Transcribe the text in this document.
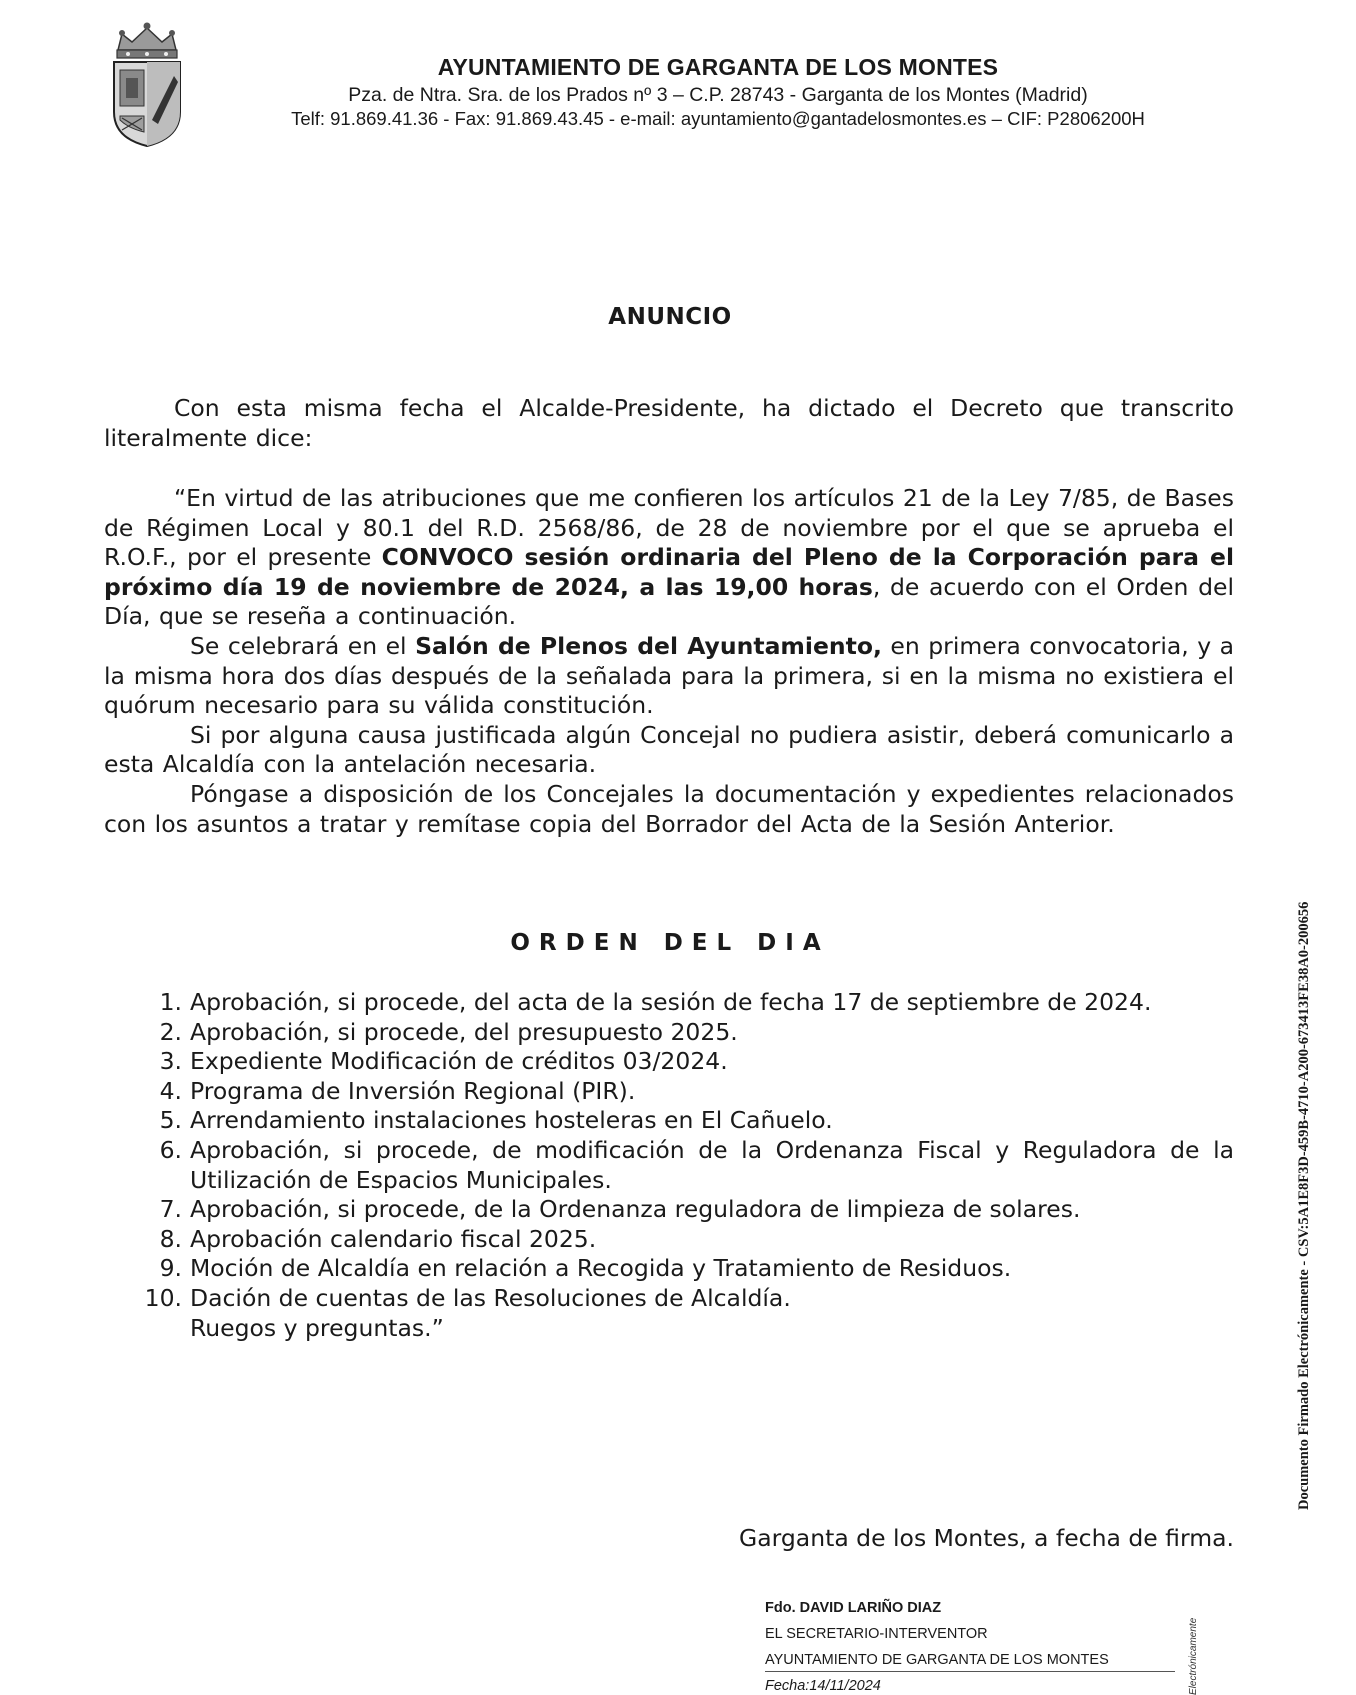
AYUNTAMIENTO DE GARGANTA DE LOS MONTES
Pza. de Ntra. Sra. de los Prados nº 3 – C.P. 28743 - Garganta de los Montes (Madrid)
Telf: 91.869.41.36 - Fax: 91.869.43.45 - e-mail: ayuntamiento@gantadelosmontes.es – CIF: P2806200H
ANUNCIO

Con esta misma fecha el Alcalde-Presidente, ha dictado el Decreto que transcrito literalmente dice:

“En virtud de las atribuciones que me confieren los artículos 21 de la Ley 7/85, de Bases de Régimen Local y 80.1 del R.D. 2568/86, de 28 de noviembre por el que se aprueba el R.O.F., por el presente CONVOCO sesión ordinaria del Pleno de la Corporación para el próximo día 19 de noviembre de 2024, a las 19,00 horas, de acuerdo con el Orden del Día, que se reseña a continuación.

Se celebrará en el Salón de Plenos del Ayuntamiento, en primera convocatoria, y a la misma hora dos días después de la señalada para la primera, si en la misma no existiera el quórum necesario para su válida constitución.

Si por alguna causa justificada algún Concejal no pudiera asistir, deberá comunicarlo a esta Alcaldía con la antelación necesaria.

Póngase a disposición de los Concejales la documentación y expedientes relacionados con los asuntos a tratar y remítase copia del Borrador del Acta de la Sesión Anterior.

ORDEN DEL DIA
1. Aprobación, si procede, del acta de la sesión de fecha 17 de septiembre de 2024.
2. Aprobación, si procede, del presupuesto 2025.
3. Expediente Modificación de créditos 03/2024.
4. Programa de Inversión Regional (PIR).
5. Arrendamiento instalaciones hosteleras en El Cañuelo.
6. Aprobación, si procede, de modificación de la Ordenanza Fiscal y Reguladora de la Utilización de Espacios Municipales.
7. Aprobación, si procede, de la Ordenanza reguladora de limpieza de solares.
8. Aprobación calendario fiscal 2025.
9. Moción de Alcaldía en relación a Recogida y Tratamiento de Residuos.
10. Dación de cuentas de las Resoluciones de Alcaldía.
Ruegos y preguntas.”
Garganta de los Montes, a fecha de firma.
Fdo. DAVID LARIÑO DIAZ
EL SECRETARIO-INTERVENTOR
AYUNTAMIENTO DE GARGANTA DE LOS MONTES
Fecha:14/11/2024
Documento Firmado Electrónicamente - CSV:5A1E8F3D-459B-4710-A200-673413FE38A0-200656
Electrónicamente
